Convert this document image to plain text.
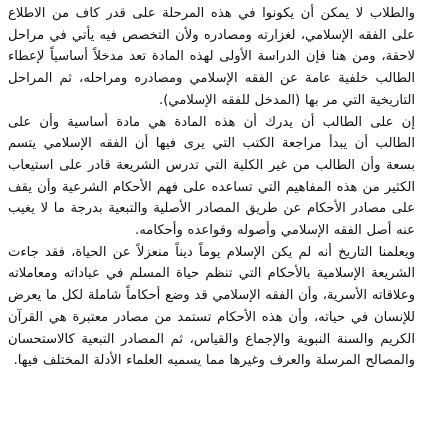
والطلاب لا يمكن أن يكونوا في هذه المرحلة على قدر كاف من الاطلاع على الفقه الإسلامي، لغزارته ومصادره ولأن التخصص فيه يأتي في مراحل لاحقة، ومن هنا فإن الدراسة الأولى لهذه المادة تعد مدخلاً أساسياً لإعطاء الطالب خلفية عامة عن الفقه الإسلامي ومصادره ومراحله، ثم المراحل التاريخية التي مر بها (المدخل للفقه الإسلامي).

إن على الطالب أن يدرك أن هذه المادة هي مادة أساسية وأن على الطالب أن يبدأ مراجعة الكتب التي يرى فيها أن الفقه الإسلامي يتسم بسعة وأن الطالب من غير الكلية التي تدرس الشريعة قادر على استيعاب الكثير من هذه المفاهيم التي تساعده على فهم الأحكام الشرعية وأن يقف على مصادر الأحكام عن طريق المصادر الأصلية والتبعية بدرجة ما لا يغيب عنه أصل الفقه الإسلامي وأصوله وقواعده وأحكامه.

ويعلمنا التاريخ أنه لم يكن الإسلام يوماً ديناً منعزلاً عن الحياة، فقد جاءت الشريعة الإسلامية بالأحكام التي تنظم حياة المسلم في عباداته ومعاملاته وعلاقاته الأسرية، وأن الفقه الإسلامي قد وضع أحكاماً شاملة لكل ما يعرض للإنسان في حياته، وأن هذه الأحكام تستمد من مصادر معتبرة هي القرآن الكريم والسنة النبوية والإجماع والقياس، ثم المصادر التبعية كالاستحسان والمصالح المرسلة والعرف وغيرها مما يسميه العلماء الأدلة المختلف فيها.
